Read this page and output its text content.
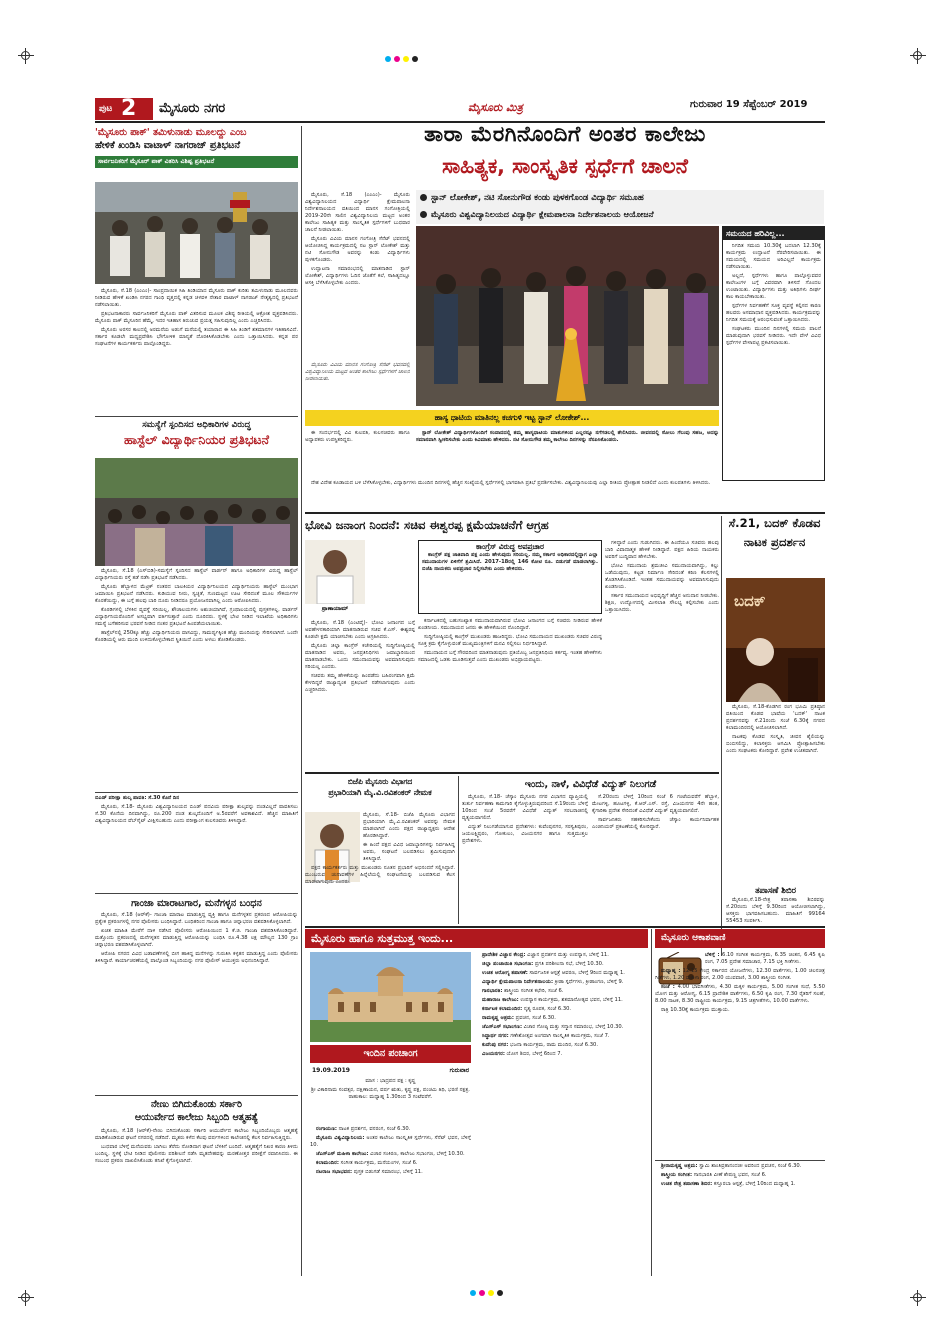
ಪುಟ 2 ಮೈಸೂರು ನಗರ	ಮೈಸೂರು ಮಿತ್ರ	ಗುರುವಾರ 19 ಸೆಪ್ಟೆಂಬರ್ 2019
'ಮೈಸೂರು ಪಾಕ್' ತಮಿಳುನಾಡು ಮೂಲದ್ದು ಎಂಬ
ಹೇಳಿಕೆ ಖಂಡಿಸಿ ವಾಟಾಳ್ ನಾಗರಾಜ್ ಪ್ರತಿಭಟನೆ
ಸಾರ್ವಜನಿಕರಿಗೆ ಮೈಸೂರ್ ಪಾಕ್ ವಿತರಿಸಿ ವಿಶಿಷ್ಟ ಪ್ರತಿಭಟನೆ

ಮೈಸೂರು, ಸೆ.18 (ಎಂಎಂ)- ಸಾಂಪ್ರದಾಯಿಕ ಸಿಹಿ ತಿಂಡಿಯಾದ ಮೈಸೂರು ಪಾಕ್ ಕುರಿತು ತಮಿಳುನಾಡು ಮೂಲದವರು ನೀಡಿರುವ ಹೇಳಿಕೆ ಖಂಡಿಸಿ ನಗರದ ಗಾಂಧಿ ವೃತ್ತದಲ್ಲಿ ಕನ್ನಡ ಚಳವಳಿ ನೇತಾರ ವಾಟಾಳ್ ನಾಗರಾಜ್ ನೇತೃತ್ವದಲ್ಲಿ ಪ್ರತಿಭಟನೆ ನಡೆಸಲಾಯಿತು.

ಪ್ರತಿಭಟನಾಕಾರರು ಸಾರ್ವಜನಿಕರಿಗೆ ಮೈಸೂರು ಪಾಕ್ ವಿತರಿಸುವ ಮೂಲಕ ವಿಶಿಷ್ಟ ರೀತಿಯಲ್ಲಿ ಆಕ್ರೋಶ ವ್ಯಕ್ತಪಡಿಸಿದರು. ಮೈಸೂರು ಪಾಕ್ ಮೈಸೂರಿನ ಹೆಮ್ಮೆ, ಇದರ ಇತಿಹಾಸ ತಿರುಚುವ ಪ್ರಯತ್ನ ಸಹಿಸುವುದಿಲ್ಲ ಎಂದು ಎಚ್ಚರಿಸಿದರು.

ಮೈಸೂರು ಅರಸರ ಕಾಲದಲ್ಲಿ ಅರಮನೆಯ ಅಡುಗೆ ಮನೆಯಲ್ಲಿ ತಯಾರಾದ ಈ ಸಿಹಿ ತಿಂಡಿಗೆ ಶತಮಾನಗಳ ಇತಿಹಾಸವಿದೆ. ಸರ್ಕಾರ ಕೂಡಲೇ ಮಧ್ಯಪ್ರವೇಶಿಸಿ ಭೌಗೋಳಿಕ ಮಾನ್ಯತೆ ದೊರಕಿಸಿಕೊಡಬೇಕು ಎಂದು ಒತ್ತಾಯಿಸಿದರು. ಕನ್ನಡ ಪರ ಸಂಘಟನೆಗಳ ಕಾರ್ಯಕರ್ತರು ಪಾಲ್ಗೊಂಡಿದ್ದರು.

ಸಮಸ್ಯೆಗೆ ಸ್ಪಂದಿಸದ ಅಧಿಕಾರಿಗಳ ವಿರುದ್ಧ
ಹಾಸ್ಟೆಲ್ ವಿದ್ಯಾರ್ಥಿನಿಯರ ಪ್ರತಿಭಟನೆ

ಮೈಸೂರು, ಸೆ.18 (ಎಸ್‌ಬಿಡಿ)-ಸಮಸ್ಯೆಗೆ ಸ್ಪಂದಿಸದ ಹಾಸ್ಟೆಲ್ ವಾರ್ಡನ್ ಹಾಗೂ ಅಧಿಕಾರಿಗಳ ವಿರುದ್ಧ ಹಾಸ್ಟೆಲ್ ವಿದ್ಯಾರ್ಥಿನಿಯರು ರಸ್ತೆ ತಡೆ ನಡೆಸಿ ಪ್ರತಿಭಟನೆ ನಡೆಸಿದರು.

ಮೈಸೂರು ಹೆಬ್ಬಾಳದ ಮೆಟ್ರಿಕ್ ನಂತರದ ಬಾಲಕಿಯರ ವಿದ್ಯಾರ್ಥಿನಿಲಯದ ವಿದ್ಯಾರ್ಥಿನಿಯರು ಹಾಸ್ಟೆಲ್ ಮುಂಭಾಗ ಜಮಾಯಿಸಿ ಪ್ರತಿಭಟನೆ ನಡೆಸಿದರು. ಕುಡಿಯುವ ನೀರು, ಸ್ವಚ್ಛತೆ, ಗುಣಮಟ್ಟದ ಊಟ ಸೇರಿದಂತೆ ಮೂಲ ಸೌಕರ್ಯಗಳ ಕೊರತೆಯಿದ್ದು, ಈ ಬಗ್ಗೆ ಹಲವು ಬಾರಿ ದೂರು ನೀಡಿದರೂ ಪ್ರಯೋಜನವಾಗಿಲ್ಲ ಎಂದು ಆರೋಪಿಸಿದರು.

ಕೊಠಡಿಗಳಲ್ಲಿ ಬೆಳಕಿನ ವ್ಯವಸ್ಥೆ ಸರಿಯಿಲ್ಲ, ಶೌಚಾಲಯಗಳು ಅಶುಚಿಯಾಗಿವೆ, ಗ್ರಂಥಾಲಯದಲ್ಲಿ ಪುಸ್ತಕಗಳಿಲ್ಲ. ವಾರ್ಡನ್ ವಿದ್ಯಾರ್ಥಿನಿಯರೊಂದಿಗೆ ಅಸಭ್ಯವಾಗಿ ವರ್ತಿಸುತ್ತಾರೆ ಎಂದು ದೂರಿದರು. ಸ್ಥಳಕ್ಕೆ ಭೇಟಿ ನೀಡಿದ ಇಲಾಖೆಯ ಅಧಿಕಾರಿಗಳು ಸಮಸ್ಯೆ ಬಗೆಹರಿಸುವ ಭರವಸೆ ನೀಡಿದ ನಂತರ ಪ್ರತಿಭಟನೆ ಹಿಂಪಡೆಯಲಾಯಿತು.

ಹಾಸ್ಟೆಲ್‌ನಲ್ಲಿ 250ಕ್ಕೂ ಹೆಚ್ಚು ವಿದ್ಯಾರ್ಥಿನಿಯರು ವಾಸವಿದ್ದು, ಸಾಮರ್ಥ್ಯಕ್ಕಿಂತ ಹೆಚ್ಚು ಮಂದಿಯನ್ನು ಸೇರಿಸಲಾಗಿದೆ. ಒಂದೇ ಕೊಠಡಿಯಲ್ಲಿ ಆರು ಮಂದಿ ಉಳಿದುಕೊಳ್ಳಬೇಕಾದ ಸ್ಥಿತಿಯಿದೆ ಎಂದು ಅಳಲು ತೋಡಿಕೊಂಡರು.

ಬಿಎಡ್ ಪರೀಕ್ಷಾ ಶುಲ್ಕ ಪಾವತಿ: ಸೆ.30 ಕೊನೆ ದಿನ

ಮೈಸೂರು, ಸೆ.18- ಮೈಸೂರು ವಿಶ್ವವಿದ್ಯಾನಿಲಯದ ಬಿಎಡ್ ಪದವಿಯ ಪರೀಕ್ಷಾ ಶುಲ್ಕವನ್ನು ದಂಡವಿಲ್ಲದೆ ಪಾವತಿಸಲು ಸೆ.30 ಕೊನೆಯ ದಿನವಾಗಿದ್ದು, ರೂ.200 ದಂಡ ಶುಲ್ಕದೊಂದಿಗೆ ಅ.5ರವರೆಗೆ ಅವಕಾಶವಿದೆ. ಹೆಚ್ಚಿನ ಮಾಹಿತಿಗೆ ವಿಶ್ವವಿದ್ಯಾನಿಲಯದ ವೆಬ್‌ಸೈಟ್ ವೀಕ್ಷಿಸಬಹುದು ಎಂದು ಪರೀಕ್ಷಾಂಗ ಕುಲಸಚಿವರು ತಿಳಿಸಿದ್ದಾರೆ.

ಗಾಂಜಾ ಮಾರಾಟಗಾರ, ಮನೆಗಳ್ಳನ ಬಂಧನ

ಮೈಸೂರು, ಸೆ.18 (ಆರ್‌ಕೆ)- ಗಾಂಜಾ ಮಾರಾಟ ಮಾಡುತ್ತಿದ್ದ ವ್ಯಕ್ತಿ ಹಾಗೂ ಮನೆಗಳ್ಳತನ ಪ್ರಕರಣದ ಆರೋಪಿಯನ್ನು ಪ್ರತ್ಯೇಕ ಪ್ರಕರಣಗಳಲ್ಲಿ ನಗರ ಪೊಲೀಸರು ಬಂಧಿಸಿದ್ದಾರೆ. ಬಂಧಿತರಿಂದ ಗಾಂಜಾ ಹಾಗೂ ಚಿನ್ನಾಭರಣ ವಶಪಡಿಸಿಕೊಳ್ಳಲಾಗಿದೆ.

ಖಚಿತ ಮಾಹಿತಿ ಮೇರೆಗೆ ದಾಳಿ ನಡೆಸಿದ ಪೊಲೀಸರು ಆರೋಪಿಯಿಂದ 1 ಕೆ.ಜಿ. ಗಾಂಜಾ ವಶಪಡಿಸಿಕೊಂಡಿದ್ದಾರೆ. ಮತ್ತೊಂದು ಪ್ರಕರಣದಲ್ಲಿ ಮನೆಗಳ್ಳತನ ಮಾಡುತ್ತಿದ್ದ ಆರೋಪಿಯನ್ನು ಬಂಧಿಸಿ ರೂ.4.38 ಲಕ್ಷ ಮೌಲ್ಯದ 130 ಗ್ರಾಂ ಚಿನ್ನಾಭರಣ ವಶಪಡಿಸಿಕೊಳ್ಳಲಾಗಿದೆ.

ಆರೋಪಿ ನಗರದ ವಿವಿಧ ಬಡಾವಣೆಗಳಲ್ಲಿ ಬೀಗ ಹಾಕಿದ್ದ ಮನೆಗಳನ್ನು ಗುರುತಿಸಿ ಕಳ್ಳತನ ಮಾಡುತ್ತಿದ್ದ ಎಂದು ಪೊಲೀಸರು ತಿಳಿಸಿದ್ದಾರೆ. ಕಾರ್ಯಾಚರಣೆಯಲ್ಲಿ ಪಾಲ್ಗೊಂಡ ಸಿಬ್ಬಂದಿಯನ್ನು ನಗರ ಪೊಲೀಸ್ ಆಯುಕ್ತರು ಅಭಿನಂದಿಸಿದ್ದಾರೆ.

ನೇಣು ಬಿಗಿದುಕೊಂಡು ಸರ್ಕಾರಿ
ಆಯುರ್ವೇದ ಕಾಲೇಜು ಸಿಬ್ಬಂದಿ ಆತ್ಮಹತ್ಯೆ

ಮೈಸೂರು, ಸೆ.18 (ಆರ್‌ಕೆ)-ನೇಣು ಬಿಗಿದುಕೊಂಡು ಸರ್ಕಾರಿ ಆಯುರ್ವೇದ ಕಾಲೇಜು ಸಿಬ್ಬಂದಿಯೊಬ್ಬರು ಆತ್ಮಹತ್ಯೆ ಮಾಡಿಕೊಂಡಿರುವ ಘಟನೆ ನಗರದಲ್ಲಿ ನಡೆದಿದೆ. ಮೃತರು ಕಳೆದ ಕೆಲವು ವರ್ಷಗಳಿಂದ ಕಾಲೇಜಿನಲ್ಲಿ ಕೆಲಸ ನಿರ್ವಹಿಸುತ್ತಿದ್ದರು.

ಬುಧವಾರ ಬೆಳಿಗ್ಗೆ ಮನೆಯವರು ಬಾಗಿಲು ತೆರೆದು ನೋಡಿದಾಗ ಘಟನೆ ಬೆಳಕಿಗೆ ಬಂದಿದೆ. ಆತ್ಮಹತ್ಯೆಗೆ ನಿಖರ ಕಾರಣ ತಿಳಿದು ಬಂದಿಲ್ಲ. ಸ್ಥಳಕ್ಕೆ ಭೇಟಿ ನೀಡಿದ ಪೊಲೀಸರು ಪರಿಶೀಲನೆ ನಡೆಸಿ ಮೃತದೇಹವನ್ನು ಮರಣೋತ್ತರ ಪರೀಕ್ಷೆಗೆ ರವಾನಿಸಿದರು. ಈ ಸಂಬಂಧ ಪ್ರಕರಣ ದಾಖಲಿಸಿಕೊಂಡು ತನಿಖೆ ಕೈಗೊಳ್ಳಲಾಗಿದೆ.

ತಾರಾ ಮೆರಗಿನೊಂದಿಗೆ ಅಂತರ ಕಾಲೇಜು
ಸಾಹಿತ್ಯಕ, ಸಾಂಸ್ಕೃತಿಕ ಸ್ಪರ್ಧೆಗೆ ಚಾಲನೆ

ಮೈಸೂರು, ಸೆ.18 (ಎಂಎಂ)- ಮೈಸೂರು ವಿಶ್ವವಿದ್ಯಾನಿಲಯದ ವಿದ್ಯಾರ್ಥಿ ಕ್ಷೇಮಪಾಲನಾ ನಿರ್ದೇಶನಾಲಯದ ವತಿಯಿಂದ ಮಾನಸ ಗಂಗೋತ್ರಿಯಲ್ಲಿ 2019-20ನೇ ಸಾಲಿನ ವಿಶ್ವವಿದ್ಯಾನಿಲಯ ಮಟ್ಟದ ಅಂತರ ಕಾಲೇಜು ಸಾಹಿತ್ಯಕ ಮತ್ತು ಸಾಂಸ್ಕೃತಿಕ ಸ್ಪರ್ಧೆಗಳಿಗೆ ಬುಧವಾರ ಚಾಲನೆ ನೀಡಲಾಯಿತು.

ಮೈಸೂರು ವಿವಿಯ ಮಾನಸ ಗಂಗೋತ್ರಿ ಸೆನೆಟ್ ಭವನದಲ್ಲಿ ಆಯೋಜಿಸಿದ್ದ ಕಾರ್ಯಕ್ರಮದಲ್ಲಿ ನಟ ಸ್ಟಾನ್ ಲೋಕೇಶ್ ಮತ್ತು ನಟಿ ಸೋನುಗೌಡ ಅವರನ್ನು ಕಂಡು ವಿದ್ಯಾರ್ಥಿಗಳು ಪುಳಕಗೊಂಡರು.

ಉದ್ಘಾಟನಾ ಸಮಾರಂಭದಲ್ಲಿ ಮಾತನಾಡಿದ ಸ್ಟಾನ್ ಲೋಕೇಶ್, ವಿದ್ಯಾರ್ಥಿಗಳು ಓದಿನ ಜೊತೆಗೆ ಕಲೆ, ಸಾಹಿತ್ಯದಲ್ಲೂ ಆಸಕ್ತಿ ಬೆಳೆಸಿಕೊಳ್ಳಬೇಕು ಎಂದರು.

ಮೈಸೂರು ವಿವಿಯ ಮಾನಸ ಗಂಗೋತ್ರಿ ಸೆನೆಟ್ ಭವನದಲ್ಲಿ ವಿಶ್ವವಿದ್ಯಾನಿಲಯ ಮಟ್ಟದ ಅಂತರ ಕಾಲೇಜು ಸ್ಪರ್ಧೆಗಳಿಗೆ ಚಾಲನೆ ನೀಡಲಾಯಿತು.

ಸ್ಟಾನ್ ಲೋಕೇಶ್, ನಟಿ ಸೋನುಗೌಡ ಕಂಡು ಪುಳಕಗೊಂಡ ವಿದ್ಯಾರ್ಥಿ ಸಮೂಹ
ಮೈಸೂರು ವಿಶ್ವವಿದ್ಯಾನಿಲಯದ ವಿದ್ಯಾರ್ಥಿ ಕ್ಷೇಮಪಾಲನಾ ನಿರ್ದೇಶನಾಲಯ ಆಯೋಜನೆ
ಸಮಯದ ಹರಿವಿಲ್ಲ...

ನಿಗದಿತ ಸಮಯ 10.30ಕ್ಕೆ ಬದಲಾಗಿ 12.30ಕ್ಕೆ ಕಾರ್ಯಕ್ರಮ ಉದ್ಘಾಟನೆ ನೆರವೇರಿಸಲಾಯಿತು. ಈ ಸಮಯದಲ್ಲಿ ಸಮಯದ ಅರಿವಿಲ್ಲದೆ ಕಾರ್ಯಕ್ರಮ ನಡೆಸಲಾಯಿತು.

ಅಲ್ಲದೆ, ಸ್ಪರ್ಧೆಗಳು ಹಾಗೂ ಪಾಲ್ಗೊಳ್ಳುವವರ ಕಾಲೇಜುಗಳ ಬಗ್ಗೆ ವಿವರವಾಗಿ ತಿಳಿಸದೆ ಗೊಂದಲ ಉಂಟಾಯಿತು. ವಿದ್ಯಾರ್ಥಿಗಳು ಮತ್ತು ಅತಿಥಿಗಳು ದೀರ್ಘ ಕಾಲ ಕಾಯಬೇಕಾಯಿತು.

ಸ್ಪರ್ಧೆಗಳ ನಿರ್ವಹಣೆಗೆ ಸೂಕ್ತ ವ್ಯವಸ್ಥೆ ಕಲ್ಪಿಸದ ಕಾರಣ ಹಲವರು ಅಸಮಾಧಾನ ವ್ಯಕ್ತಪಡಿಸಿದರು. ಕಾರ್ಯಕ್ರಮವನ್ನು ನಿಗದಿತ ಸಮಯಕ್ಕೆ ಆರಂಭಿಸುವಂತೆ ಒತ್ತಾಯಿಸಿದರು.

ಸಂಘಟಕರು ಮುಂದಿನ ದಿನಗಳಲ್ಲಿ ಸಮಯ ಪಾಲನೆ ಮಾಡುವುದಾಗಿ ಭರವಸೆ ನೀಡಿದರು. ಇದೇ ವೇಳೆ ವಿವಿಧ ಸ್ಪರ್ಧೆಗಳ ವೇಳಾಪಟ್ಟಿ ಪ್ರಕಟಿಸಲಾಯಿತು.

ಹಾಸ್ಯ ಧಾಟಿಯ ಮಾತಿನಲ್ಲ ಕಚಗುಳಿ ಇಟ್ಟ ಸ್ಟಾನ್ ಲೋಕೇಶ್...

ಸ್ಟಾನ್ ಲೋಕೇಶ್ ವಿದ್ಯಾರ್ಥಿಗಳೊಂದಿಗೆ ಸಂವಾದದಲ್ಲಿ ತಮ್ಮ ಹಾಸ್ಯಧಾಟಿಯ ಮಾತುಗಳಿಂದ ಎಲ್ಲರನ್ನೂ ನಗೆಗಡಲಲ್ಲಿ ತೇಲಿಸಿದರು. ಜೀವನದಲ್ಲಿ ಸೋಲು ಗೆಲುವು ಸಹಜ, ಅದನ್ನು ಸಮಾನವಾಗಿ ಸ್ವೀಕರಿಸಬೇಕು ಎಂದು ಕಿವಿಮಾತು ಹೇಳಿದರು. ನಟಿ ಸೋನುಗೌಡ ತಮ್ಮ ಕಾಲೇಜು ದಿನಗಳನ್ನು ನೆನಪಿಸಿಕೊಂಡರು.

ಈ ಸಂದರ್ಭದಲ್ಲಿ ವಿವಿ ಕುಲಪತಿ, ಕುಲಸಚಿವರು ಹಾಗೂ ಅಧ್ಯಾಪಕರು ಉಪಸ್ಥಿತರಿದ್ದರು.

ದೇಶ ವಿದೇಶ ಕೂಡಾಯದ ಬಳಿ ಬೆಳೆಸಿಕೊಳ್ಳಬೇಕು, ವಿದ್ಯಾರ್ಥಿಗಳು ಮುಂದಿನ ದಿನಗಳಲ್ಲಿ ಹೆಚ್ಚಿನ ಸಂಖ್ಯೆಯಲ್ಲಿ ಸ್ಪರ್ಧೆಗಳಲ್ಲಿ ಭಾಗವಹಿಸಿ ಪ್ರತಿಭೆ ಪ್ರದರ್ಶಿಸಬೇಕು. ವಿಶ್ವವಿದ್ಯಾನಿಲಯವು ಎಲ್ಲಾ ರೀತಿಯ ಪ್ರೋತ್ಸಾಹ ನೀಡಲಿದೆ ಎಂದು ಕುಲಪತಿಗಳು ತಿಳಿಸಿದರು.

ಭೋವಿ ಜನಾಂಗ ನಿಂದನೆ: ಸಚಿವ ಈಶ್ವರಪ್ಪ ಕ್ಷಮೆಯಾಚನೆಗೆ ಆಗ್ರಹ
ಪ್ರಾಣಾಯಾಮ್

ಮೈಸೂರು, ಸೆ.18 (ಎಂಟಿವೈ)- ಭೋವಿ ಜನಾಂಗದ ಬಗ್ಗೆ ಅವಹೇಳನಕಾರಿಯಾಗಿ ಮಾತನಾಡಿರುವ ಸಚಿವ ಕೆ.ಎಸ್. ಈಶ್ವರಪ್ಪ ಕೂಡಲೇ ಕ್ಷಮೆ ಯಾಚಿಸಬೇಕು ಎಂದು ಆಗ್ರಹಿಸಿದರು.

ಮೈಸೂರು ಜಿಲ್ಲಾ ಕಾಂಗ್ರೆಸ್ ಕಚೇರಿಯಲ್ಲಿ ಸುದ್ದಿಗೋಷ್ಠಿಯಲ್ಲಿ ಮಾತನಾಡಿದ ಅವರು, ಜನಪ್ರತಿನಿಧಿಗಳು ಜವಾಬ್ದಾರಿಯಿಂದ ಮಾತನಾಡಬೇಕು. ಒಂದು ಸಮುದಾಯವನ್ನು ಅವಮಾನಿಸುವುದು ಸರಿಯಲ್ಲ ಎಂದರು.

ಸಚಿವರು ತಮ್ಮ ಹೇಳಿಕೆಯನ್ನು ಹಿಂಪಡೆದು ಬಹಿರಂಗವಾಗಿ ಕ್ಷಮೆ ಕೇಳದಿದ್ದರೆ ರಾಜ್ಯಾದ್ಯಂತ ಪ್ರತಿಭಟನೆ ನಡೆಸಲಾಗುವುದು ಎಂದು ಎಚ್ಚರಿಸಿದರು.

ಕಾಂಗ್ರೆಸ್ ವಿರುದ್ಧ ಅಪಪ್ರಚಾರ

ಕಾಂಗ್ರೆಸ್ ಪಕ್ಷ ಜಾತಿವಾದಿ ಪಕ್ಷ ಎಂದು ಹೇಳುವುದು ಸರಿಯಲ್ಲ. ನಮ್ಮ ಸರ್ಕಾರ ಅಧಿಕಾರದಲ್ಲಿದ್ದಾಗ ಎಲ್ಲಾ ಸಮುದಾಯಗಳ ಏಳಿಗೆಗೆ ಶ್ರಮಿಸಿದೆ. 2017-18ರಲ್ಲಿ 146 ಕೋಟಿ ರೂ. ಬಿಡುಗಡೆ ಮಾಡಲಾಗಿತ್ತು. ಬಿಜೆಪಿ ನಾಯಕರು ಅಪಪ್ರಚಾರ ನಿಲ್ಲಿಸಬೇಕು ಎಂದು ಹೇಳಿದರು.

ಕರ್ನಾಟಕದಲ್ಲಿ ಬಹುಸಂಖ್ಯಾತ ಸಮುದಾಯವಾಗಿರುವ ಭೋವಿ ಜನಾಂಗದ ಬಗ್ಗೆ ಸಚಿವರು ನೀಡಿರುವ ಹೇಳಿಕೆ ಖಂಡನೀಯ. ಸಮುದಾಯದ ಜನರು ಈ ಹೇಳಿಕೆಯಿಂದ ನೊಂದಿದ್ದಾರೆ.

ಸುದ್ದಿಗೋಷ್ಠಿಯಲ್ಲಿ ಕಾಂಗ್ರೆಸ್ ಮುಖಂಡರು ಹಾಜರಿದ್ದರು. ಭೋವಿ ಸಮುದಾಯದ ಮುಖಂಡರು ಸಚಿವರ ವಿರುದ್ಧ ಸೂಕ್ತ ಕ್ರಮ ಕೈಗೊಳ್ಳುವಂತೆ ಮುಖ್ಯಮಂತ್ರಿಗಳಿಗೆ ಮನವಿ ಸಲ್ಲಿಸಲು ನಿರ್ಧರಿಸಿದ್ದಾರೆ.

ಸಮುದಾಯದ ಬಗ್ಗೆ ಗೌರವದಿಂದ ಮಾತನಾಡುವುದು ಪ್ರತಿಯೊಬ್ಬ ಜನಪ್ರತಿನಿಧಿಯ ಕರ್ತವ್ಯ. ಇಂತಹ ಹೇಳಿಕೆಗಳು ಸಮಾಜದಲ್ಲಿ ಒಡಕು ಮೂಡಿಸುತ್ತವೆ ಎಂದು ಮುಖಂಡರು ಅಭಿಪ್ರಾಯಪಟ್ಟರು.

ಗಳಿದ್ದಾರೆ ಎಂದು ಗುಡುಗಿದರು. ಈ ಹಿಂದೆಯೂ ಸಚಿವರು ಹಲವು ಬಾರಿ ವಿವಾದಾತ್ಮಕ ಹೇಳಿಕೆ ನೀಡಿದ್ದಾರೆ. ಪಕ್ಷದ ಹಿರಿಯ ನಾಯಕರು ಅವರಿಗೆ ಬುದ್ಧಿವಾದ ಹೇಳಬೇಕು.

ಭೋವಿ ಸಮುದಾಯ ಶ್ರಮಜೀವಿ ಸಮುದಾಯವಾಗಿದ್ದು, ಕಲ್ಲು ಒಡೆಯುವುದು, ಕಟ್ಟಡ ನಿರ್ಮಾಣ ಸೇರಿದಂತೆ ಕಠಿಣ ಕೆಲಸಗಳಲ್ಲಿ ತೊಡಗಿಸಿಕೊಂಡಿದೆ. ಇಂತಹ ಸಮುದಾಯವನ್ನು ಅವಮಾನಿಸುವುದು ಖಂಡನೀಯ.

ಸರ್ಕಾರ ಸಮುದಾಯದ ಅಭಿವೃದ್ಧಿಗೆ ಹೆಚ್ಚಿನ ಅನುದಾನ ನೀಡಬೇಕು. ಶಿಕ್ಷಣ, ಉದ್ಯೋಗದಲ್ಲಿ ಮೀಸಲಾತಿ ಸೌಲಭ್ಯ ಕಲ್ಪಿಸಬೇಕು ಎಂದು ಒತ್ತಾಯಿಸಿದರು.

ಸೆ.21, ಬದಕ್ ಕೊಡವ ನಾಟಕ ಪ್ರದರ್ಶನ
ಬದಕ್

ಮೈಸೂರು, ಸೆ.18-ಕೊಡಗಿನ ರಂಗ ಭೂಮಿ ಪ್ರತಿಷ್ಠಾನ ವತಿಯಿಂದ ಕೊಡವ ಭಾಷೆಯ 'ಬದಕ್' ನಾಟಕ ಪ್ರದರ್ಶನವನ್ನು ಸೆ.21ರಂದು ಸಂಜೆ 6.30ಕ್ಕೆ ನಗರದ ಕಲಾಮಂದಿರದಲ್ಲಿ ಆಯೋಜಿಸಲಾಗಿದೆ.

ನಾಟಕವು ಕೊಡವ ಸಂಸ್ಕೃತಿ, ಜೀವನ ಶೈಲಿಯನ್ನು ಬಿಂಬಿಸಲಿದ್ದು, ಕಲಾಸಕ್ತರು ಆಗಮಿಸಿ ಪ್ರೋತ್ಸಾಹಿಸಬೇಕು ಎಂದು ಸಂಘಟಕರು ಕೋರಿದ್ದಾರೆ. ಪ್ರವೇಶ ಉಚಿತವಾಗಿದೆ.

ತಪಾಸಣೆ ಶಿಬಿರ

ಮೈಸೂರು,ಸೆ.18-ನೇತ್ರ ತಪಾಸಣಾ ಶಿಬಿರವನ್ನು ಸೆ.20ರಂದು ಬೆಳಿಗ್ಗೆ 9.30ರಿಂದ ಆಯೋಜಿಸಲಾಗಿದ್ದು, ಆಸಕ್ತರು ಭಾಗವಹಿಸಬಹುದು. ಮಾಹಿತಿಗೆ 99164 55453 ಸಂಪರ್ಕಿಸಿ.

ಬಿಜೆಪಿ ಮೈಸೂರು ವಿಭಾಗದ
ಪ್ರಭಾರಿಯಾಗಿ ಮೈ.ವಿ.ರವಿಶಂಕರ್ ನೇಮಕ

ಮೈಸೂರು, ಸೆ.18- ಬಿಜೆಪಿ ಮೈಸೂರು ವಿಭಾಗದ ಪ್ರಭಾರಿಯಾಗಿ ಮೈ.ವಿ.ರವಿಶಂಕರ್ ಅವರನ್ನು ನೇಮಕ ಮಾಡಲಾಗಿದೆ ಎಂದು ಪಕ್ಷದ ರಾಜ್ಯಾಧ್ಯಕ್ಷರು ಆದೇಶ ಹೊರಡಿಸಿದ್ದಾರೆ.

ಈ ಹಿಂದೆ ಪಕ್ಷದ ವಿವಿಧ ಜವಾಬ್ದಾರಿಗಳನ್ನು ನಿರ್ವಹಿಸಿದ್ದ ಅವರು, ಸಂಘಟನೆ ಬಲಪಡಿಸಲು ಶ್ರಮಿಸುವುದಾಗಿ ತಿಳಿಸಿದ್ದಾರೆ.

ಪಕ್ಷದ ಕಾರ್ಯಕರ್ತರು ಮತ್ತು ಮುಖಂಡರು ನೂತನ ಪ್ರಭಾರಿಗೆ ಅಭಿನಂದನೆ ಸಲ್ಲಿಸಿದ್ದಾರೆ. ಮುಂಬರುವ ಚುನಾವಣೆಗಳ ಹಿನ್ನೆಲೆಯಲ್ಲಿ ಸಂಘಟನೆಯನ್ನು ಬಲಪಡಿಸುವ ಕೆಲಸ ಮಾಡಲಾಗುವುದು ಎಂದರು.

ಇಂದು, ನಾಳೆ, ವಿವಿಧೆಡೆ ವಿದ್ಯುತ್ ನಿಲುಗಡೆ

ಮೈಸೂರು, ಸೆ.18- ಚೆಸ್ಕಾಂ ಮೈಸೂರು ನಗರ ವಿಭಾಗದ ವ್ಯಾಪ್ತಿಯಲ್ಲಿ ತುರ್ತು ನಿರ್ವಹಣಾ ಕಾಮಗಾರಿ ಕೈಗೊಳ್ಳುತ್ತಿರುವುದರಿಂದ ಸೆ.19ರಂದು ಬೆಳಿಗ್ಗೆ 10ರಿಂದ ಸಂಜೆ 5ರವರೆಗೆ ವಿವಿಧೆಡೆ ವಿದ್ಯುತ್ ಸರಬರಾಜಿನಲ್ಲಿ ವ್ಯತ್ಯಯವಾಗಲಿದೆ.

ವಿದ್ಯುತ್ ನಿಲುಗಡೆಯಾಗುವ ಪ್ರದೇಶಗಳು: ಕುವೆಂಪುನಗರ, ಸರಸ್ವತಿಪುರಂ, ಜಯಲಕ್ಷ್ಮಿಪುರಂ, ಗೋಕುಲಂ, ವಿಜಯನಗರ ಹಾಗೂ ಸುತ್ತಮುತ್ತಲ ಪ್ರದೇಶಗಳು.

ಸೆ.20ರಂದು ಬೆಳಿಗ್ಗೆ 10ರಿಂದ ಸಂಜೆ 6 ಗಂಟೆಯವರೆಗೆ ಹೆಬ್ಬಾಳ, ಮೇಟಗಳ್ಳಿ, ಹೂಟಗಳ್ಳಿ, ಕೆ.ಆರ್.ಎಸ್. ರಸ್ತೆ, ವಿಜಯನಗರ 4ನೇ ಹಂತ, ಕೈಗಾರಿಕಾ ಪ್ರದೇಶ ಸೇರಿದಂತೆ ವಿವಿಧೆಡೆ ವಿದ್ಯುತ್ ವ್ಯತ್ಯಯವಾಗಲಿದೆ.

ಸಾರ್ವಜನಿಕರು ಸಹಕರಿಸಬೇಕೆಂದು ಚೆಸ್ಕಾಂ ಕಾರ್ಯನಿರ್ವಾಹಕ ಎಂಜಿನಿಯರ್ ಪ್ರಕಟಣೆಯಲ್ಲಿ ಕೋರಿದ್ದಾರೆ.

ಮೈಸೂರು ಹಾಗೂ ಸುತ್ತಮುತ್ತ ಇಂದು...
ಇಂದಿನ ಪಂಚಾಂಗ
19.09.2019	ಗುರುವಾರ

ಮಾಸ : ಭಾದ್ರಪದ ಪಕ್ಷ : ಕೃಷ್ಣ

ಶ್ರೀ ವಿಕಾರಿನಾಮ ಸಂವತ್ಸರ, ದಕ್ಷಿಣಾಯನ, ವರ್ಷ ಋತು, ಕೃಷ್ಣ ಪಕ್ಷ, ಪಂಚಮಿ ತಿಥಿ, ಭರಣಿ ನಕ್ಷತ್ರ. ರಾಹುಕಾಲ: ಮಧ್ಯಾಹ್ನ 1.30ರಿಂದ 3 ಗಂಟೆವರೆಗೆ.

ರಂಗಾಯಣ: ನಾಟಕ ಪ್ರದರ್ಶನ, ವನರಂಗ, ಸಂಜೆ 6.30.

ಮೈಸೂರು ವಿಶ್ವವಿದ್ಯಾನಿಲಯ: ಅಂತರ ಕಾಲೇಜು ಸಾಂಸ್ಕೃತಿಕ ಸ್ಪರ್ಧೆಗಳು, ಸೆನೆಟ್ ಭವನ, ಬೆಳಿಗ್ಗೆ 10.

ಜೆಎಸ್‌ಎಸ್ ಮಹಿಳಾ ಕಾಲೇಜು: ವಿಚಾರ ಸಂಕಿರಣ, ಕಾಲೇಜು ಸಭಾಂಗಣ, ಬೆಳಿಗ್ಗೆ 10.30.

ಕಲಾಮಂದಿರ: ಸಂಗೀತ ಕಾರ್ಯಕ್ರಮ, ಮನೆಯಂಗಳ, ಸಂಜೆ 6.

ನಟರಾಜ ಸಭಾಭವನ: ಪುಸ್ತಕ ಬಿಡುಗಡೆ ಸಮಾರಂಭ, ಬೆಳಿಗ್ಗೆ 11.

ಪ್ರಾದೇಶಿಕ ವಿಜ್ಞಾನ ಕೇಂದ್ರ: ವಿಜ್ಞಾನ ಪ್ರದರ್ಶನ ಮತ್ತು ಉಪನ್ಯಾಸ, ಬೆಳಿಗ್ಗೆ 11.

ಜಿಲ್ಲಾ ಪಂಚಾಯಿತಿ ಸಭಾಂಗಣ: ಪ್ರಗತಿ ಪರಿಶೀಲನಾ ಸಭೆ, ಬೆಳಿಗ್ಗೆ 10.30.

ಉಚಿತ ಆರೋಗ್ಯ ತಪಾಸಣೆ: ಸಾರ್ವಜನಿಕ ಆಸ್ಪತ್ರೆ ಆವರಣ, ಬೆಳಿಗ್ಗೆ 9ರಿಂದ ಮಧ್ಯಾಹ್ನ 1.

ವಿದ್ಯಾರ್ಥಿ ಕ್ಷೇಮಪಾಲನಾ ನಿರ್ದೇಶನಾಲಯ: ಕ್ರೀಡಾ ಸ್ಪರ್ಧೆಗಳು, ಕ್ರೀಡಾಂಗಣ, ಬೆಳಿಗ್ಗೆ 9.

ಗಾನಭಾರತಿ: ಶಾಸ್ತ್ರೀಯ ಸಂಗೀತ ಕಛೇರಿ, ಸಂಜೆ 6.

ಮಹಾರಾಜ ಕಾಲೇಜು: ಉಪನ್ಯಾಸ ಕಾರ್ಯಕ್ರಮ, ಶತಮಾನೋತ್ಸವ ಭವನ, ಬೆಳಿಗ್ಗೆ 11.

ಕರ್ನಾಟಕ ಕಲಾಮಂದಿರ: ನೃತ್ಯ ರೂಪಕ, ಸಂಜೆ 6.30.

ರಾಮಕೃಷ್ಣ ಆಶ್ರಮ: ಪ್ರವಚನ, ಸಂಜೆ 6.30.

ಜೆಎಸ್‌ಎಸ್ ಸಭಾಂಗಣ: ವಿಚಾರ ಗೋಷ್ಠಿ ಮತ್ತು ಸನ್ಮಾನ ಸಮಾರಂಭ, ಬೆಳಿಗ್ಗೆ 10.30.

ಸಿದ್ಧಾರ್ಥ ನಗರ: ಗಣೇಶೋತ್ಸವ ಅಂಗವಾಗಿ ಸಾಂಸ್ಕೃತಿಕ ಕಾರ್ಯಕ್ರಮ, ಸಂಜೆ 7.

ಕುವೆಂಪು ನಗರ: ಭಜನಾ ಕಾರ್ಯಕ್ರಮ, ರಾಮ ಮಂದಿರ, ಸಂಜೆ 6.30.

ವಿಜಯನಗರ: ಯೋಗ ಶಿಬಿರ, ಬೆಳಿಗ್ಗೆ 6ರಿಂದ 7.

ಮೈಸೂರು ಆಕಾಶವಾಣಿ

ಬೆಳಿಗ್ಗೆ : 6.10 ಸಂಗೀತ ಕಾರ್ಯಕ್ರಮ, 6.35 ಚಿಂತನ, 6.45 ಕೃಷಿ ರಂಗ, 7.05 ಪ್ರದೇಶ ಸಮಾಚಾರ, 7.15 ಭಕ್ತಿ ಗೀತೆಗಳು.

ಮಧ್ಯಾಹ್ನ : 12.15 ಕೇಂದ್ರ ಸರ್ಕಾರದ ಯೋಜನೆಗಳು, 12.30 ವಾರ್ತೆಗಳು, 1.00 ಚಲನಚಿತ್ರ ಗೀತೆಗಳು, 1.20 ಮಹಿಳಾ ರಂಗ, 2.00 ಯುವವಾಣಿ, 3.00 ಶಾಸ್ತ್ರೀಯ ಸಂಗೀತ.

ಸಂಜೆ : 4.00 ಭಾವಗೀತೆಗಳು, 4.30 ಮಕ್ಕಳ ಕಾರ್ಯಕ್ರಮ, 5.00 ಸಂಗೀತ ಸುಧೆ, 5.50 ಯೋಗ ಮತ್ತು ಆರೋಗ್ಯ, 6.15 ಪ್ರಾದೇಶಿಕ ವಾರ್ತೆಗಳು, 6.50 ಕೃಷಿ ರಂಗ, 7.30 ರೈತರಿಗೆ ಸಲಹೆ, 8.00 ನಾಟಕ, 8.30 ರಾಷ್ಟ್ರೀಯ ಕಾರ್ಯಕ್ರಮ, 9.15 ಚಿತ್ರಗೀತೆಗಳು, 10.00 ವಾರ್ತೆಗಳು.

ರಾತ್ರಿ 10.30ಕ್ಕೆ ಕಾರ್ಯಕ್ರಮ ಮುಕ್ತಾಯ.

ಶ್ರೀರಾಮಕೃಷ್ಣ ಆಶ್ರಮ: ಸ್ವಾಮಿ ಶಾಂತಿವ್ರತಾನಂದಜೀ ಅವರಿಂದ ಪ್ರವಚನ, ಸಂಜೆ 6.30.

ಶಾಸ್ತ್ರೀಯ ಸಂಗೀತ: ಗಾನಭಾರತಿ ವೀಣೆ ಶೇಷಣ್ಣ ಭವನ, ಸಂಜೆ 6.

ಉಚಿತ ನೇತ್ರ ತಪಾಸಣಾ ಶಿಬಿರ: ಕಸ್ತೂರಬಾ ಆಸ್ಪತ್ರೆ, ಬೆಳಿಗ್ಗೆ 10ರಿಂದ ಮಧ್ಯಾಹ್ನ 1.
